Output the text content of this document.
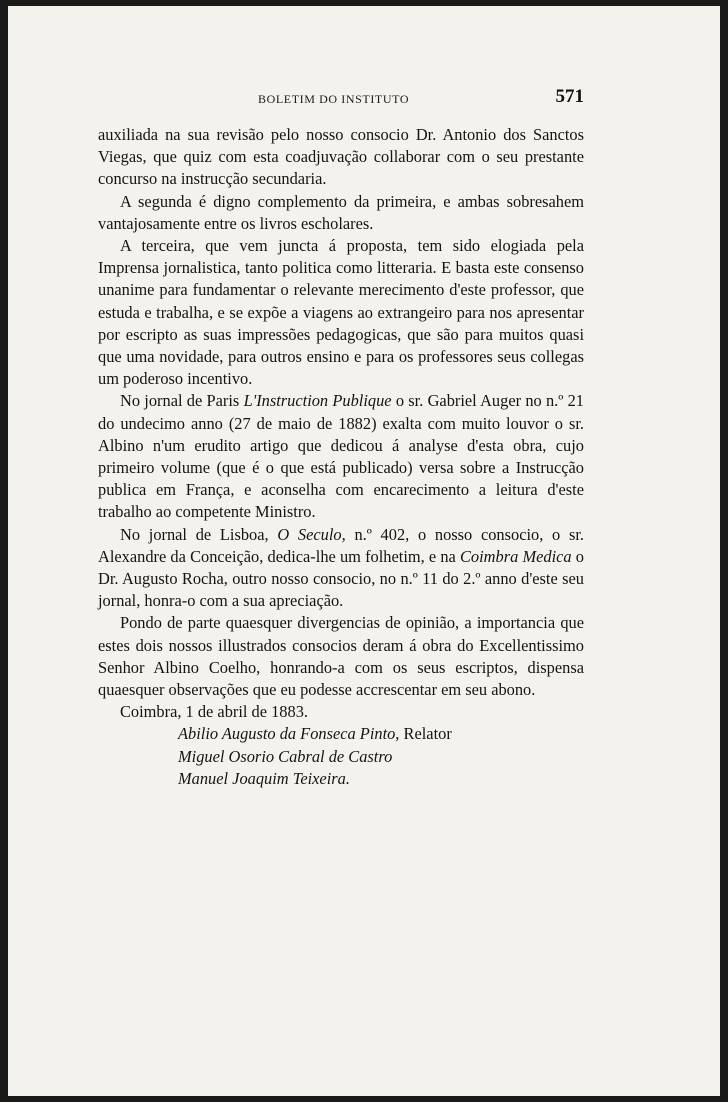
BOLETIM DO INSTITUTO	571

auxiliada na sua revisão pelo nosso consocio Dr. Antonio dos Sanctos Viegas, que quiz com esta coadjuvação collaborar com o seu prestante concurso na instrucção secundaria.

A segunda é digno complemento da primeira, e ambas sobresahem vantajosamente entre os livros escholares.

A terceira, que vem juncta á proposta, tem sido elogiada pela Imprensa jornalistica, tanto politica como litteraria. E basta este consenso unanime para fundamentar o relevante merecimento d'este professor, que estuda e trabalha, e se expõe a viagens ao extrangeiro para nos apresentar por escripto as suas impressões pedagogicas, que são para muitos quasi que uma novidade, para outros ensino e para os professores seus collegas um poderoso incentivo.

No jornal de Paris L'Instruction Publique o sr. Gabriel Auger no n.º 21 do undecimo anno (27 de maio de 1882) exalta com muito louvor o sr. Albino n'um erudito artigo que dedicou á analyse d'esta obra, cujo primeiro volume (que é o que está publicado) versa sobre a Instrucção publica em França, e aconselha com encarecimento a leitura d'este trabalho ao competente Ministro.

No jornal de Lisboa, O Seculo, n.º 402, o nosso consocio, o sr. Alexandre da Conceição, dedica-lhe um folhetim, e na Coimbra Medica o Dr. Augusto Rocha, outro nosso consocio, no n.º 11 do 2.º anno d'este seu jornal, honra-o com a sua apreciação.

Pondo de parte quaesquer divergencias de opinião, a importancia que estes dois nossos illustrados consocios deram á obra do Excellentissimo Senhor Albino Coelho, honrando-a com os seus escriptos, dispensa quaesquer observações que eu podesse accrescentar em seu abono.

Coimbra, 1 de abril de 1883.

Abilio Augusto da Fonseca Pinto, Relator

Miguel Osorio Cabral de Castro

Manuel Joaquim Teixeira.
